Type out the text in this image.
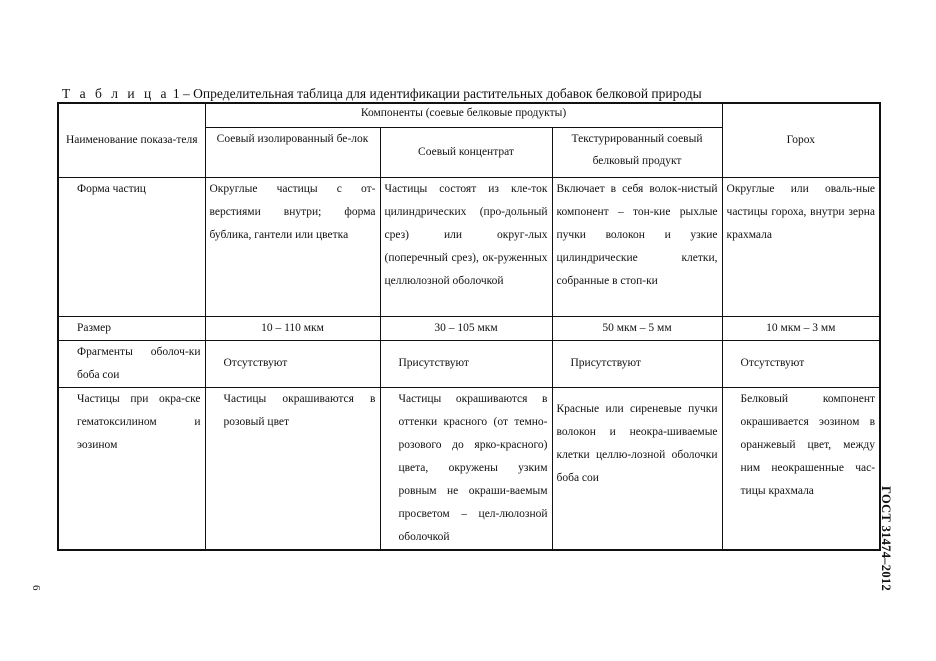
Т а б л и ц а 1 – Определительная таблица для идентификации растительных добавок белковой природы
Наименование показа-теля	Компоненты (соевые белковые продукты)			Горох
	Соевый изолированный бе-лок	Соевый концентрат	Текстурированный соевый белковый продукт	
Форма частиц	Округлые частицы с от-верстиями внутри; форма бублика, гантели или цветка	Частицы состоят из кле-ток цилиндрических (про-дольный срез) или округ-лых (поперечный срез), ок-руженных целлюлозной оболочкой	Включает в себя волок-нистый компонент – тон-кие рыхлые пучки волокон и узкие цилиндрические клетки, собранные в стоп-ки	Округлые или оваль-ные частицы гороха, внутри зерна крахмала
Размер	10 – 110 мкм	30 – 105 мкм	50 мкм – 5 мм	10 мкм – 3 мм
Фрагменты оболоч-ки боба сои	Отсутствуют	Присутствуют	Присутствуют	Отсутствуют
Частицы при окра-ске гематоксилином и эозином	Частицы окрашиваются в розовый цвет	Частицы окрашиваются в оттенки красного (от темно-розового до ярко-красного) цвета, окружены узким ровным не окраши-ваемым просветом – цел-люлозной оболочкой	Красные или сиреневые пучки волокон и неокра-шиваемые клетки целлю-лозной оболочки боба сои	Белковый компонент окрашивается эозином в оранжевый цвет, между ним неокрашенные час-тицы крахмала	ГОСТ 31474–2012
6
